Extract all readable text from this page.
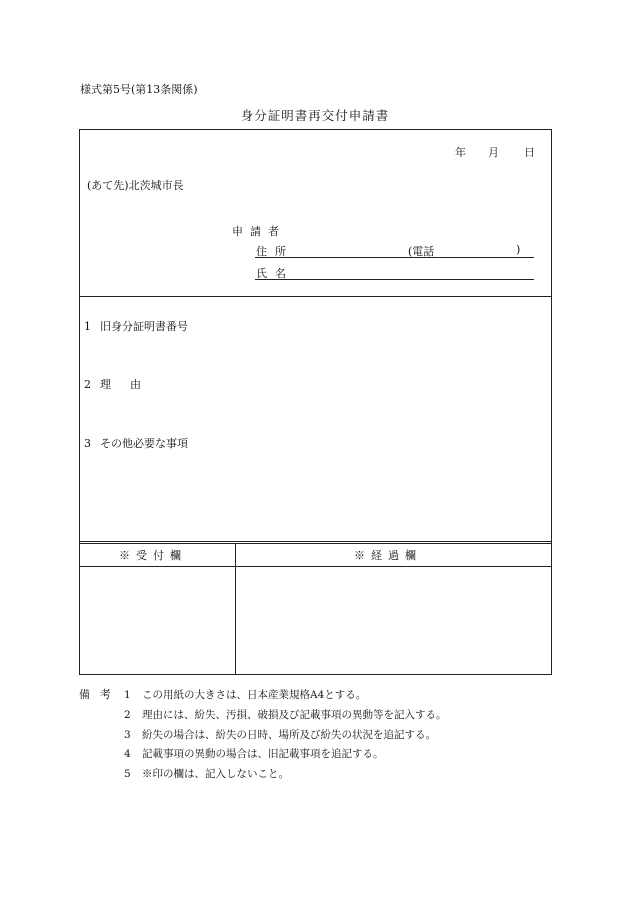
様式第5号(第13条関係)
身分証明書再交付申請書
年 月 日
(あて先)北茨城市長
申請者
住所	(電話	)
氏名
1 旧身分証明書番号
2 理　由
3 その他必要な事項
※受付欄	※経過欄
備考 1 この用紙の大きさは、日本産業規格A4とする。
2 理由には、紛失、汚損、破損及び記載事項の異動等を記入する。
3 紛失の場合は、紛失の日時、場所及び紛失の状況を追記する。
4 記載事項の異動の場合は、旧記載事項を追記する。
5 ※印の欄は、記入しないこと。
